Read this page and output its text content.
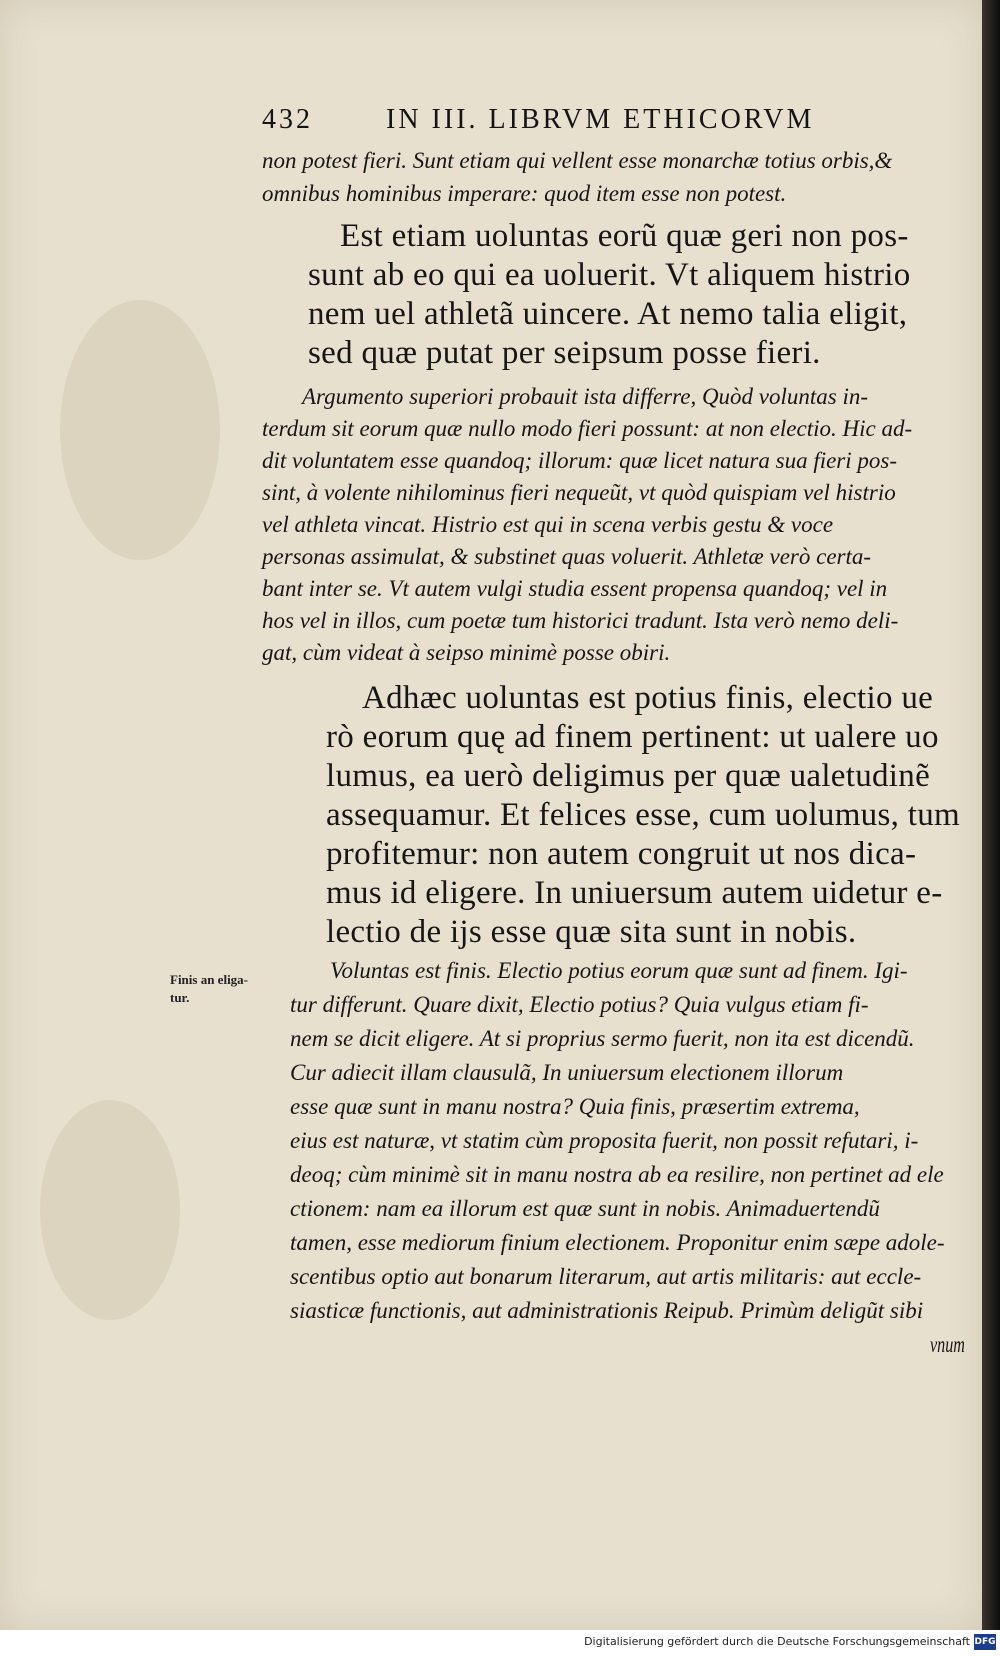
432	IN III. LIBRVM ETHICORVM
non potest fieri. Sunt etiam qui vellent esse monarchæ totius orbis,&
omnibus hominibus imperare: quod item esse non potest.
Est etiam uoluntas eorũ quæ geri non pos-
sunt ab eo qui ea uoluerit. Vt aliquem histrio
nem uel athletã uincere. At nemo talia eligit,
sed quæ putat per seipsum posse fieri.
Argumento superiori probauit ista differre, Quòd voluntas in-
terdum sit eorum quæ nullo modo fieri possunt: at non electio. Hic ad-
dit voluntatem esse quandoq; illorum: quæ licet natura sua fieri pos-
sint, à volente nihilominus fieri nequeũt, vt quòd quispiam vel histrio
vel athleta vincat. Histrio est qui in scena verbis gestu & voce
personas assimulat, & substinet quas voluerit. Athletæ verò certa-
bant inter se. Vt autem vulgi studia essent propensa quandoq; vel in
hos vel in illos, cum poetæ tum historici tradunt. Ista verò nemo deli-
gat, cùm videat à seipso minimè posse obiri.
Adhæc uoluntas est potius finis, electio ue
rò eorum quę ad finem pertinent: ut ualere uo
lumus, ea uerò deligimus per quæ ualetudinẽ
assequamur. Et felices esse, cum uolumus, tum
profitemur: non autem congruit ut nos dica-
mus id eligere. In uniuersum autem uidetur e-
lectio de ijs esse quæ sita sunt in nobis.
Finis an eliga-
tur.
Voluntas est finis. Electio potius eorum quæ sunt ad finem. Igi-
tur differunt. Quare dixit, Electio potius? Quia vulgus etiam fi-
nem se dicit eligere. At si proprius sermo fuerit, non ita est dicendũ.
Cur adiecit illam clausulã, In uniuersum electionem illorum
esse quæ sunt in manu nostra? Quia finis, præsertim extrema,
eius est naturæ, vt statim cùm proposita fuerit, non possit refutari, i-
deoq; cùm minimè sit in manu nostra ab ea resilire, non pertinet ad ele
ctionem: nam ea illorum est quæ sunt in nobis. Animaduertendũ
tamen, esse mediorum finium electionem. Proponitur enim sæpe adole-
scentibus optio aut bonarum literarum, aut artis militaris: aut eccle-
siasticæ functionis, aut administrationis Reipub. Primùm deligũt sibi
vnum
Digitalisierung gefördert durch die Deutsche Forschungsgemeinschaft DFG
